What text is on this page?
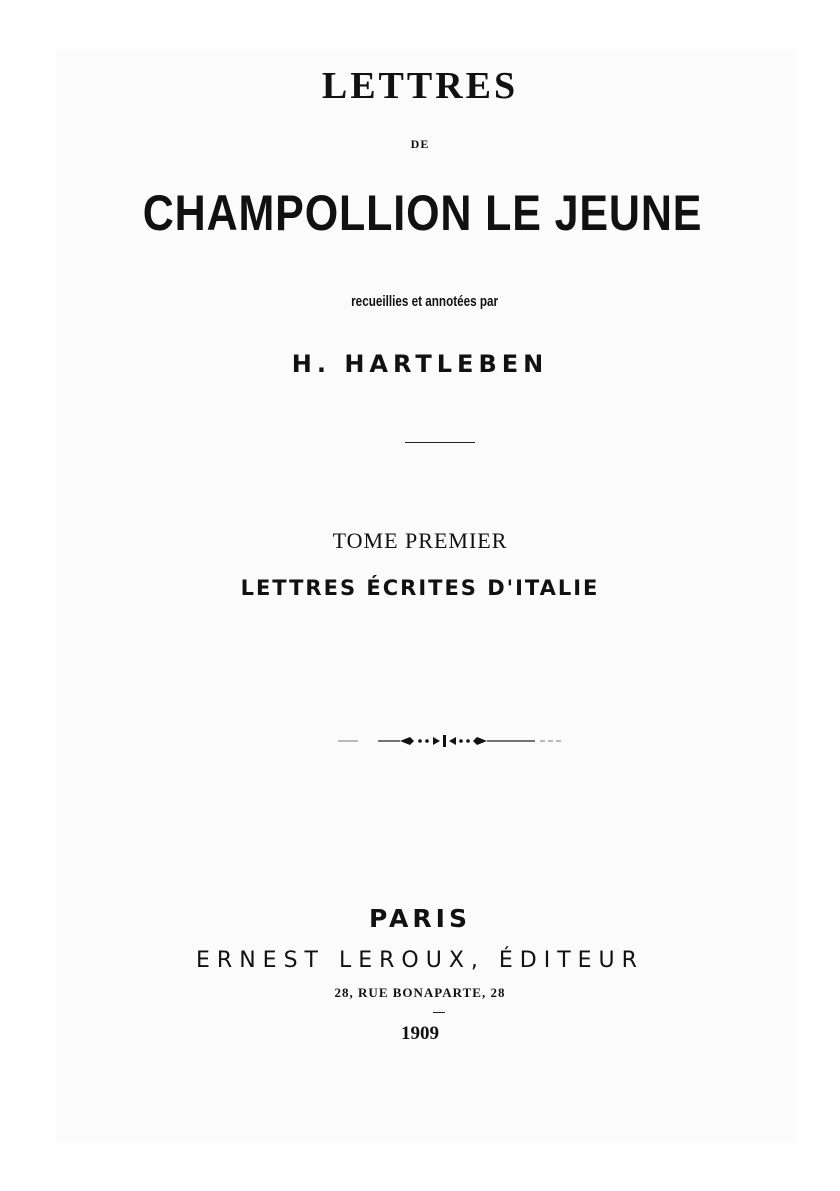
LETTRES
DE
CHAMPOLLION LE JEUNE
recueillies et annotées par
H. HARTLEBEN
TOME PREMIER
LETTRES ÉCRITES D'ITALIE
PARIS
ERNEST LEROUX, ÉDITEUR
28, RUE BONAPARTE, 28
1909
